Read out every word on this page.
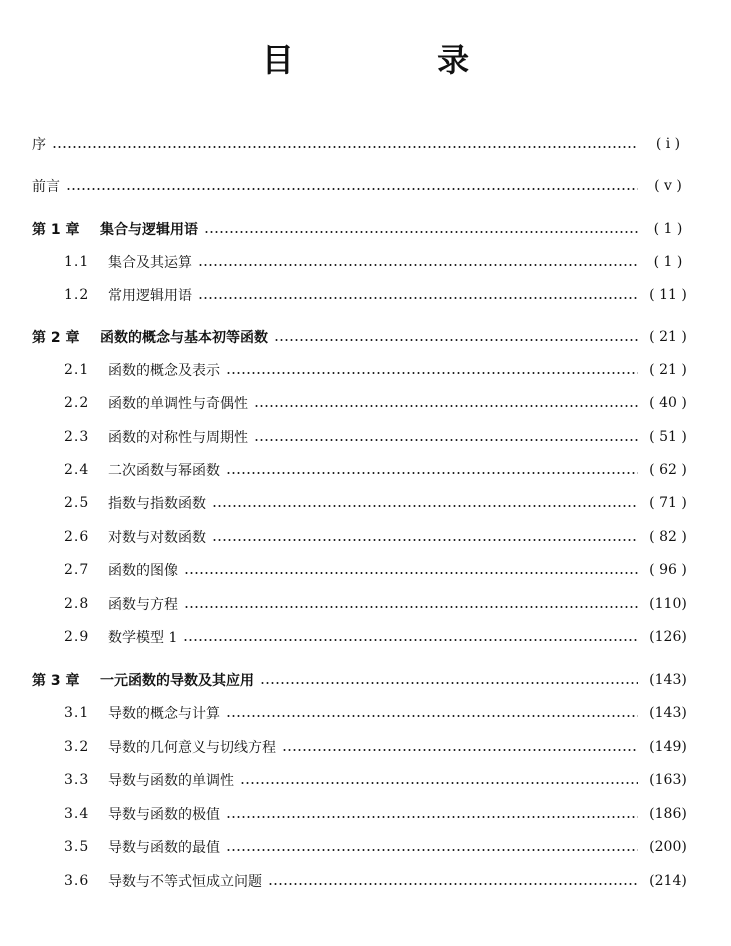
目 录
序	( ⅰ )
前言	( ⅴ )
第 1 章	集合与逻辑用语	( 1 )
1.1	集合及其运算	( 1 )
1.2	常用逻辑用语	( 11 )
第 2 章	函数的概念与基本初等函数	( 21 )
2.1	函数的概念及表示	( 21 )
2.2	函数的单调性与奇偶性	( 40 )
2.3	函数的对称性与周期性	( 51 )
2.4	二次函数与幂函数	( 62 )
2.5	指数与指数函数	( 71 )
2.6	对数与对数函数	( 82 )
2.7	函数的图像	( 96 )
2.8	函数与方程	(110)
2.9	数学模型 1	(126)
第 3 章	一元函数的导数及其应用	(143)
3.1	导数的概念与计算	(143)
3.2	导数的几何意义与切线方程	(149)
3.3	导数与函数的单调性	(163)
3.4	导数与函数的极值	(186)
3.5	导数与函数的最值	(200)
3.6	导数与不等式恒成立问题	(214)
